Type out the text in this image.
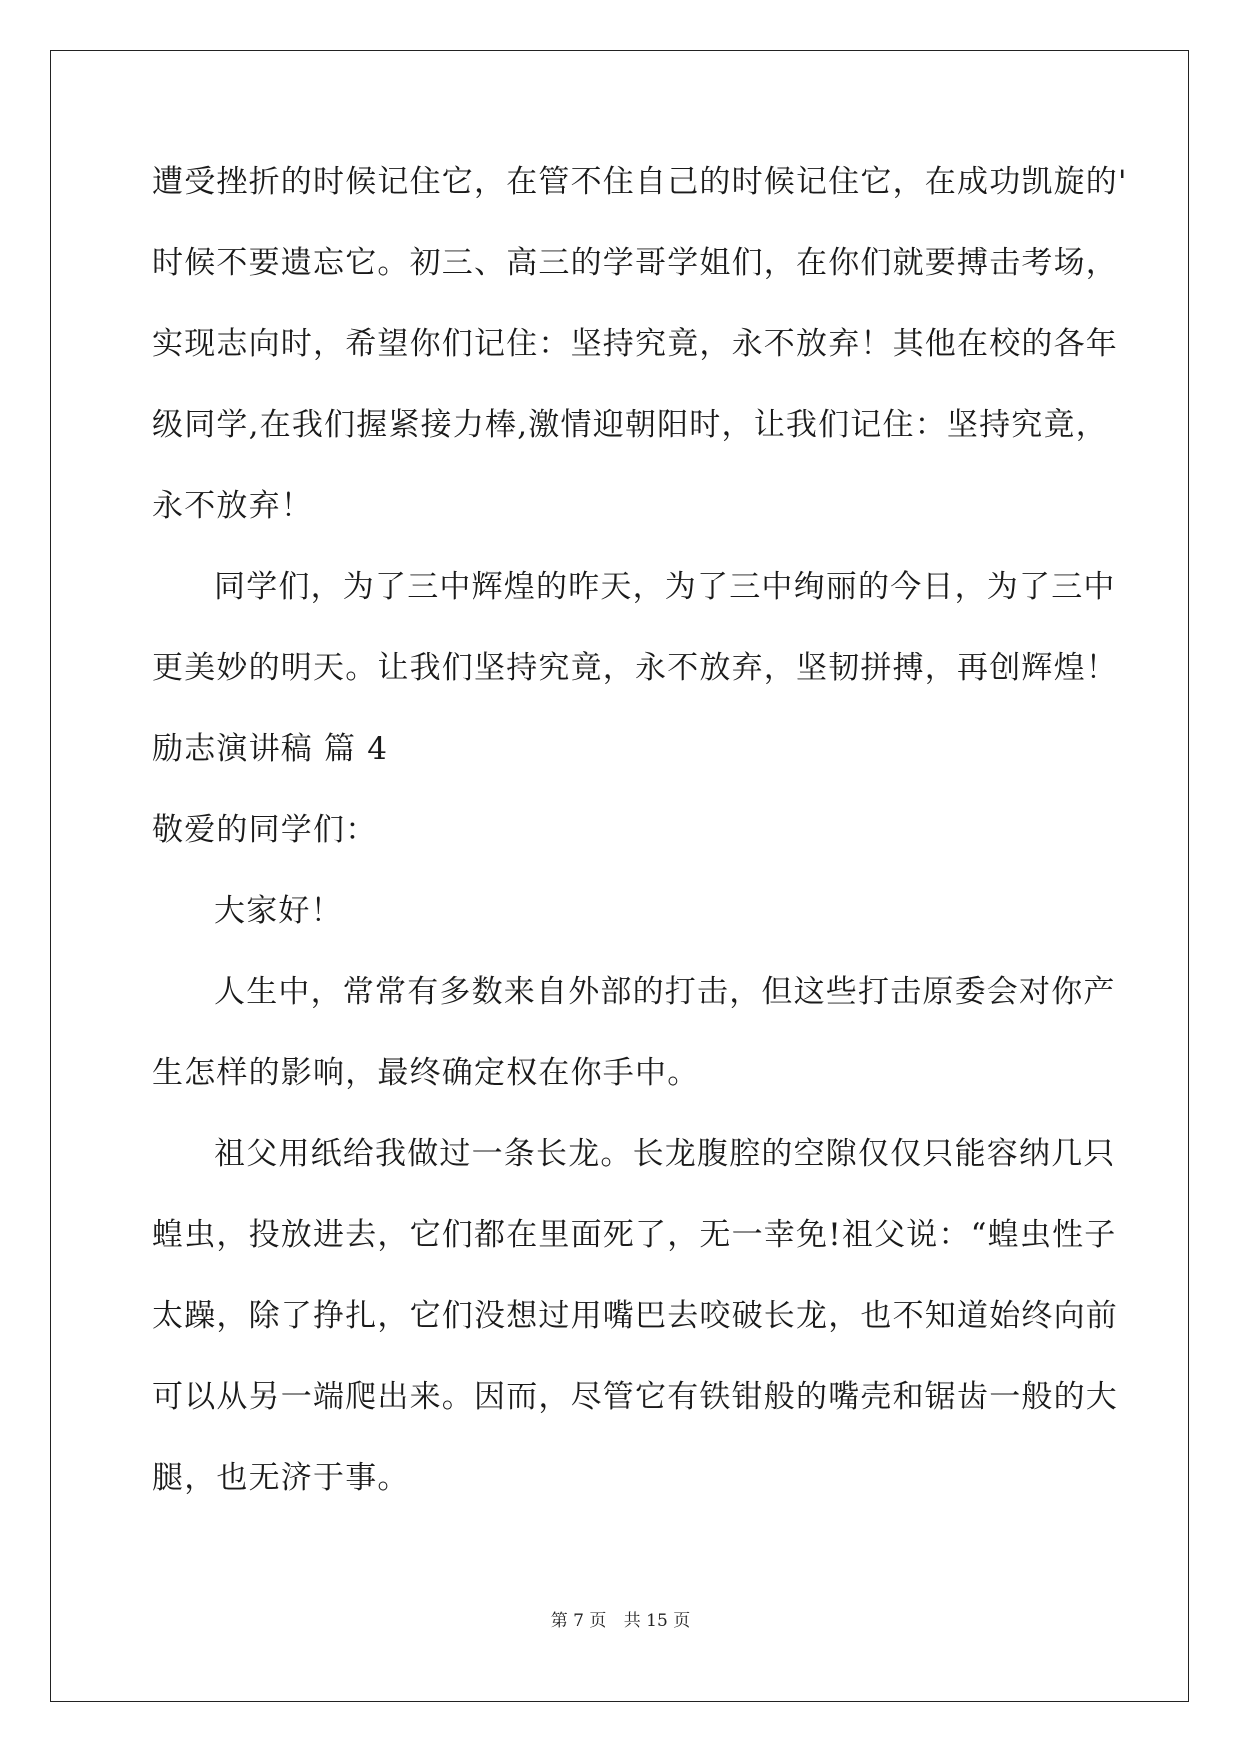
遭受挫折的时候记住它，在管不住自己的时候记住它，在成功凯旋的'
时候不要遗忘它。初三、高三的学哥学姐们，在你们就要搏击考场，
实现志向时，希望你们记住：坚持究竟，永不放弃！其他在校的各年
级同学,在我们握紧接力棒,激情迎朝阳时，让我们记住：坚持究竟，
永不放弃！
同学们，为了三中辉煌的昨天，为了三中绚丽的今日，为了三中
更美妙的明天。让我们坚持究竟，永不放弃，坚韧拼搏，再创辉煌！
励志演讲稿 篇 4
敬爱的同学们：
大家好！
人生中，常常有多数来自外部的打击，但这些打击原委会对你产
生怎样的影响，最终确定权在你手中。
祖父用纸给我做过一条长龙。长龙腹腔的空隙仅仅只能容纳几只
蝗虫，投放进去，它们都在里面死了，无一幸免!祖父说：“蝗虫性子
太躁，除了挣扎，它们没想过用嘴巴去咬破长龙，也不知道始终向前
可以从另一端爬出来。因而，尽管它有铁钳般的嘴壳和锯齿一般的大
腿，也无济于事。
第 7 页 共 15 页
